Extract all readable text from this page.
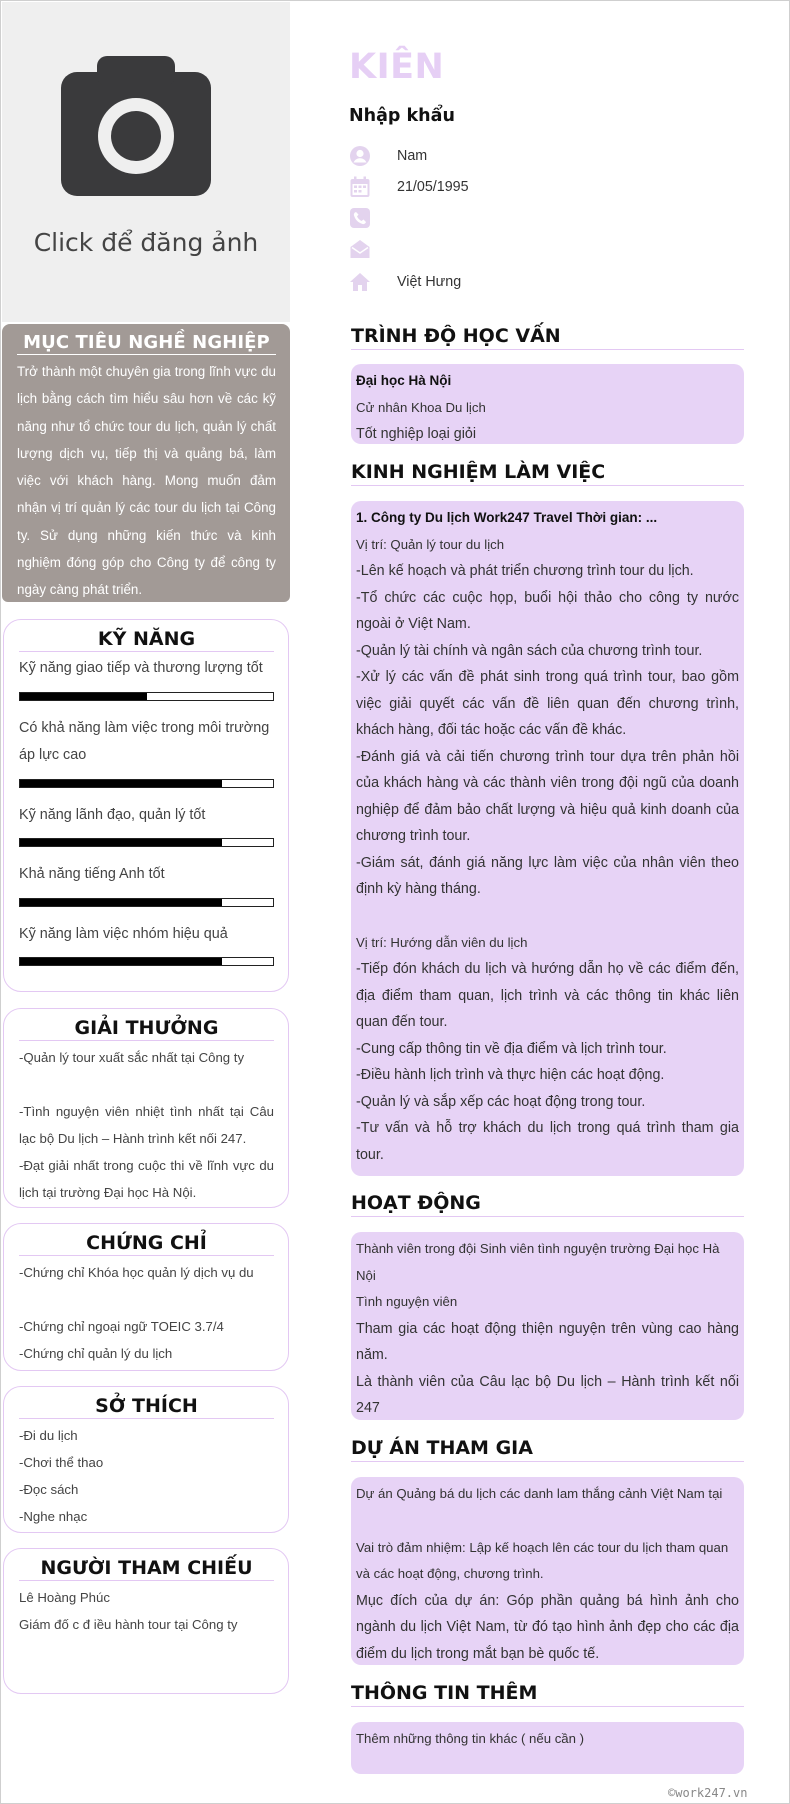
Click để đăng ảnh
MỤC TIÊU NGHỀ NGHIỆP

Trở thành một chuyên gia trong lĩnh vực du lịch bằng cách tìm hiểu sâu hơn về các kỹ năng như tổ chức tour du lịch, quản lý chất lượng dịch vụ, tiếp thị và quảng bá, làm việc với khách hàng. Mong muốn đảm nhận vị trí quản lý các tour du lịch tại Công ty. Sử dụng những kiến thức và kinh nghiệm đóng góp cho Công ty để công ty ngày càng phát triển.

KỸ NĂNG
Kỹ năng giao tiếp và thương lượng tốt
Có khả năng làm việc trong môi trường áp lực cao
Kỹ năng lãnh đạo, quản lý tốt
Khả năng tiếng Anh tốt
Kỹ năng làm việc nhóm hiệu quả
GIẢI THƯỞNG
-Quản lý tour xuất sắc nhất tại Công ty
-Tình nguyện viên nhiệt tình nhất tại Câu lạc bộ Du lịch – Hành trình kết nối 247.
-Đạt giải nhất trong cuộc thi về lĩnh vực du lịch tại trường Đại học Hà Nội.
CHỨNG CHỈ
-Chứng chỉ Khóa học quản lý dịch vụ du
-Chứng chỉ ngoại ngữ TOEIC 3.7/4
-Chứng chỉ quản lý du lịch
SỞ THÍCH
-Đi du lịch
-Chơi thể thao
-Đọc sách
-Nghe nhạc
NGƯỜI THAM CHIẾU
Lê Hoàng Phúc
Giám đố c đ iều hành tour tại Công ty
KIÊN
Nhập khẩu
Nam
21/05/1995
Việt Hưng
TRÌNH ĐỘ HỌC VẤN
Đại học Hà Nội
Cử nhân Khoa Du lịch
Tốt nghiệp loại giỏi
KINH NGHIỆM LÀM VIỆC
1. Công ty Du lịch Work247 Travel Thời gian: ...
Vị trí: Quản lý tour du lịch
-Lên kế hoạch và phát triển chương trình tour du lịch.
-Tổ chức các cuộc họp, buổi hội thảo cho công ty nước ngoài ở Việt Nam.
-Quản lý tài chính và ngân sách của chương trình tour.
-Xử lý các vấn đề phát sinh trong quá trình tour, bao gồm việc giải quyết các vấn đề liên quan đến chương trình, khách hàng, đối tác hoặc các vấn đề khác.
-Đánh giá và cải tiến chương trình tour dựa trên phản hồi của khách hàng và các thành viên trong đội ngũ của doanh nghiệp để đảm bảo chất lượng và hiệu quả kinh doanh của chương trình tour.
-Giám sát, đánh giá năng lực làm việc của nhân viên theo định kỳ hàng tháng.
Vị trí: Hướng dẫn viên du lịch
-Tiếp đón khách du lịch và hướng dẫn họ về các điểm đến, địa điểm tham quan, lịch trình và các thông tin khác liên quan đến tour.
-Cung cấp thông tin về địa điểm và lịch trình tour.
-Điều hành lịch trình và thực hiện các hoạt động.
-Quản lý và sắp xếp các hoạt động trong tour.
-Tư vấn và hỗ trợ khách du lịch trong quá trình tham gia tour.
HOẠT ĐỘNG
Thành viên trong đội Sinh viên tình nguyện trường Đại học Hà Nội
Tình nguyện viên
Tham gia các hoạt động thiện nguyện trên vùng cao hàng năm.
Là thành viên của Câu lạc bộ Du lịch – Hành trình kết nối 247
DỰ ÁN THAM GIA
Dự án Quảng bá du lịch các danh lam thắng cảnh Việt Nam tại
Vai trò đảm nhiệm: Lập kế hoạch lên các tour du lịch tham quan và các hoạt động, chương trình.
Mục đích của dự án: Góp phần quảng bá hình ảnh cho ngành du lịch Việt Nam, từ đó tạo hình ảnh đẹp cho các địa điểm du lịch trong mắt bạn bè quốc tế.
THÔNG TIN THÊM
Thêm những thông tin khác ( nếu cần )
©work247.vn
